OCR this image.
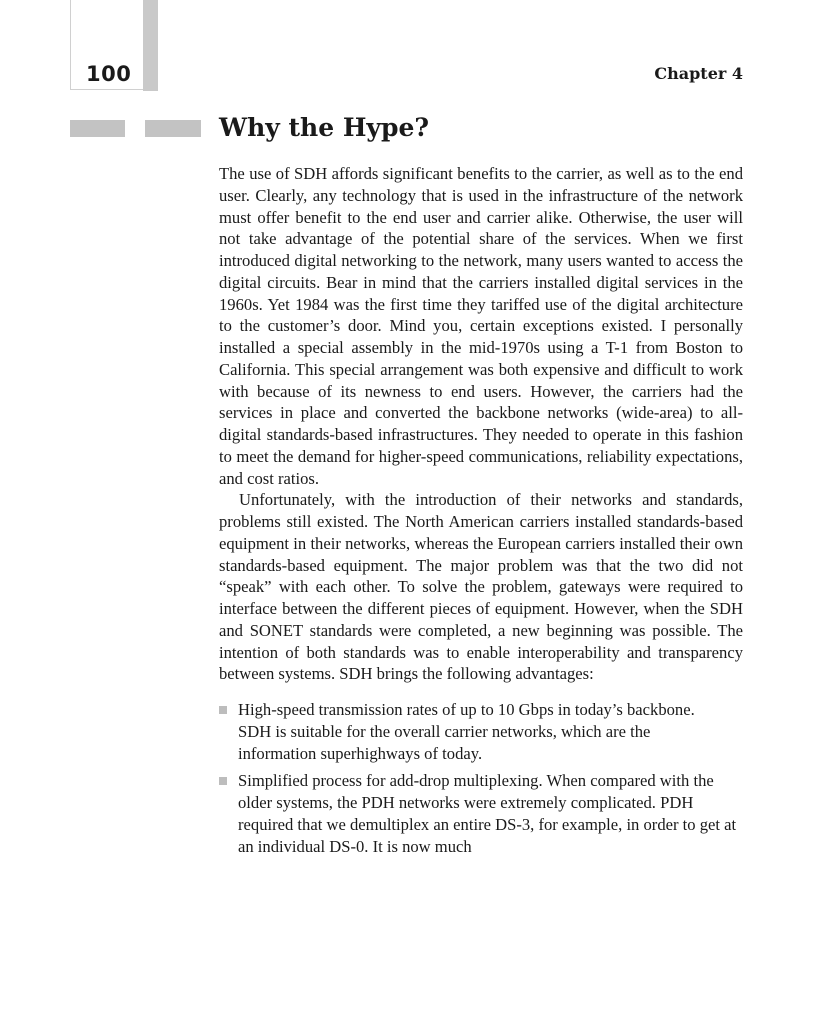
100	Chapter 4
Why the Hype?

The use of SDH affords significant benefits to the carrier, as well as to the end user. Clearly, any technology that is used in the infrastructure of the network must offer benefit to the end user and carrier alike. Otherwise, the user will not take advantage of the potential share of the services. When we first introduced digital networking to the network, many users wanted to access the digital circuits. Bear in mind that the carriers installed digital services in the 1960s. Yet 1984 was the first time they tariffed use of the digital architecture to the customer’s door. Mind you, certain exceptions existed. I personally installed a special assembly in the mid-1970s using a T-1 from Boston to California. This special arrangement was both expensive and difficult to work with because of its newness to end users. However, the carriers had the services in place and converted the backbone networks (wide-area) to all-digital standards-based infrastructures. They needed to operate in this fashion to meet the demand for higher-speed communications, reliability expectations, and cost ratios.

Unfortunately, with the introduction of their networks and standards, problems still existed. The North American carriers installed standards-based equipment in their networks, whereas the European carriers installed their own standards-based equipment. The major problem was that the two did not “speak” with each other. To solve the problem, gateways were required to interface between the different pieces of equipment. However, when the SDH and SONET standards were completed, a new beginning was possible. The intention of both standards was to enable interoperability and transparency between systems. SDH brings the following advantages:

High-speed transmission rates of up to 10 Gbps in today’s backbone. SDH is suitable for the overall carrier networks, which are the information superhighways of today.
Simplified process for add-drop multiplexing. When compared with the older systems, the PDH networks were extremely complicated. PDH required that we demultiplex an entire DS-3, for example, in order to get at an individual DS-0. It is now much
